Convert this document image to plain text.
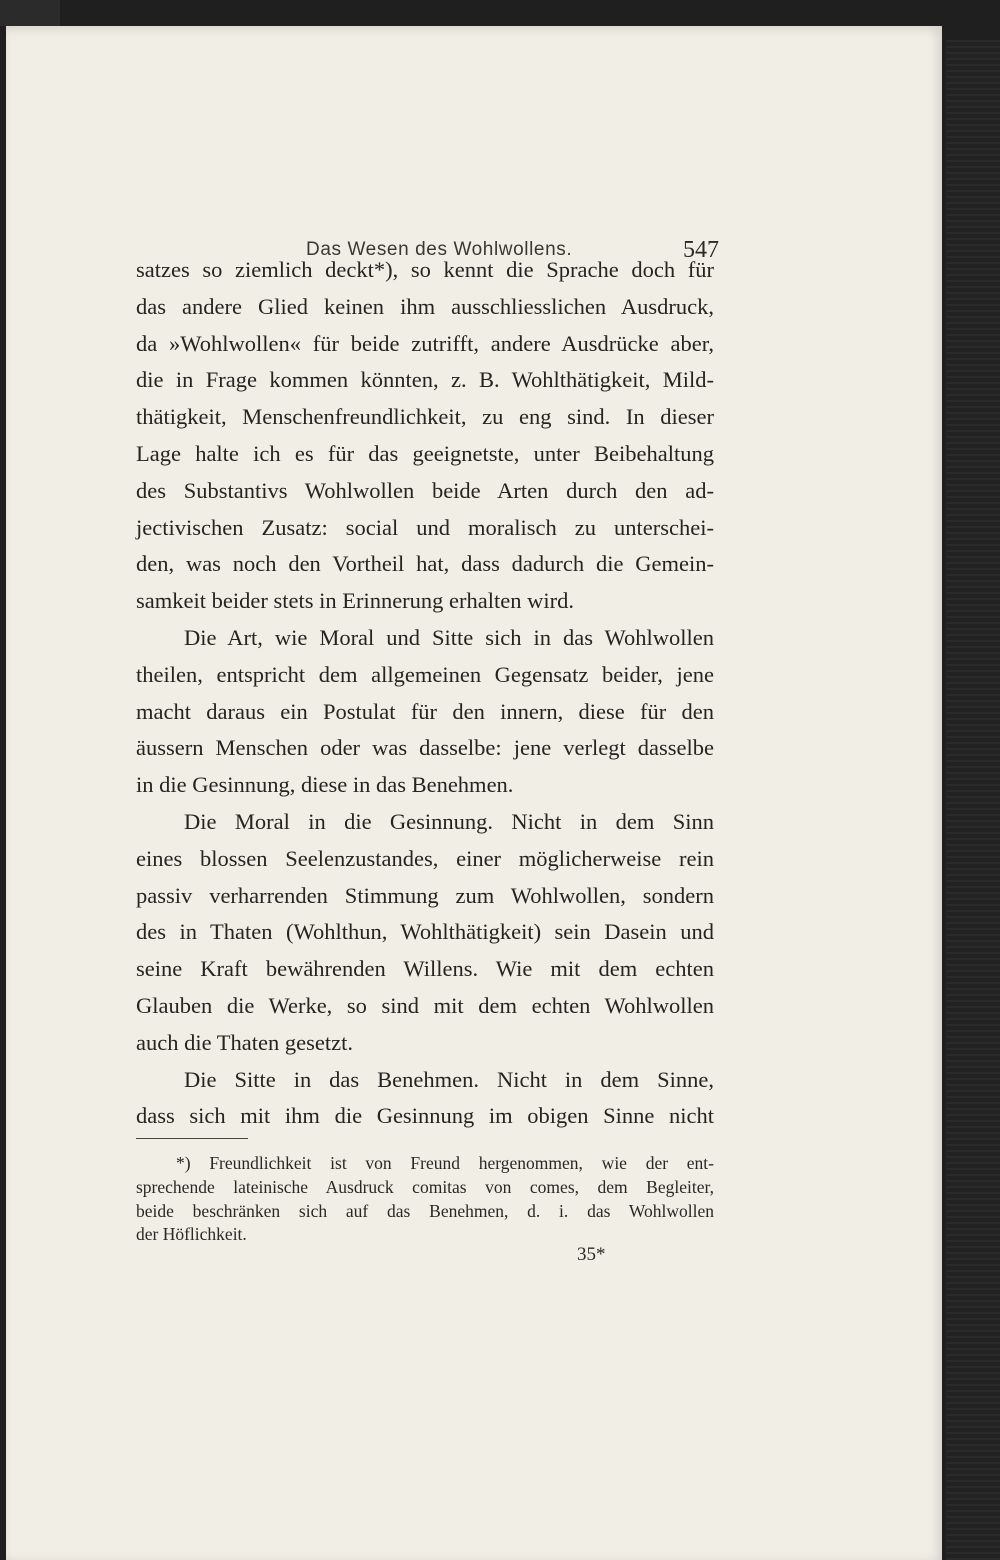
Das Wesen des Wohlwollens.	547
satzes so ziemlich deckt*), so kennt die Sprache doch für
das andere Glied keinen ihm ausschliesslichen Ausdruck,
da »Wohlwollen« für beide zutrifft, andere Ausdrücke aber,
die in Frage kommen könnten, z. B. Wohlthätigkeit, Mild-
thätigkeit, Menschenfreundlichkeit, zu eng sind. In dieser
Lage halte ich es für das geeignetste, unter Beibehaltung
des Substantivs Wohlwollen beide Arten durch den ad-
jectivischen Zusatz: social und moralisch zu unterschei-
den, was noch den Vortheil hat, dass dadurch die Gemein-
samkeit beider stets in Erinnerung erhalten wird.
Die Art, wie Moral und Sitte sich in das Wohlwollen
theilen, entspricht dem allgemeinen Gegensatz beider, jene
macht daraus ein Postulat für den innern, diese für den
äussern Menschen oder was dasselbe: jene verlegt dasselbe
in die Gesinnung, diese in das Benehmen.
Die Moral in die Gesinnung. Nicht in dem Sinn
eines blossen Seelenzustandes, einer möglicherweise rein
passiv verharrenden Stimmung zum Wohlwollen, sondern
des in Thaten (Wohlthun, Wohlthätigkeit) sein Dasein und
seine Kraft bewährenden Willens. Wie mit dem echten
Glauben die Werke, so sind mit dem echten Wohlwollen
auch die Thaten gesetzt.
Die Sitte in das Benehmen. Nicht in dem Sinne,
dass sich mit ihm die Gesinnung im obigen Sinne nicht
*) Freundlichkeit ist von Freund hergenommen, wie der ent-
sprechende lateinische Ausdruck comitas von comes, dem Begleiter,
beide beschränken sich auf das Benehmen, d. i. das Wohlwollen
der Höflichkeit.
35*
